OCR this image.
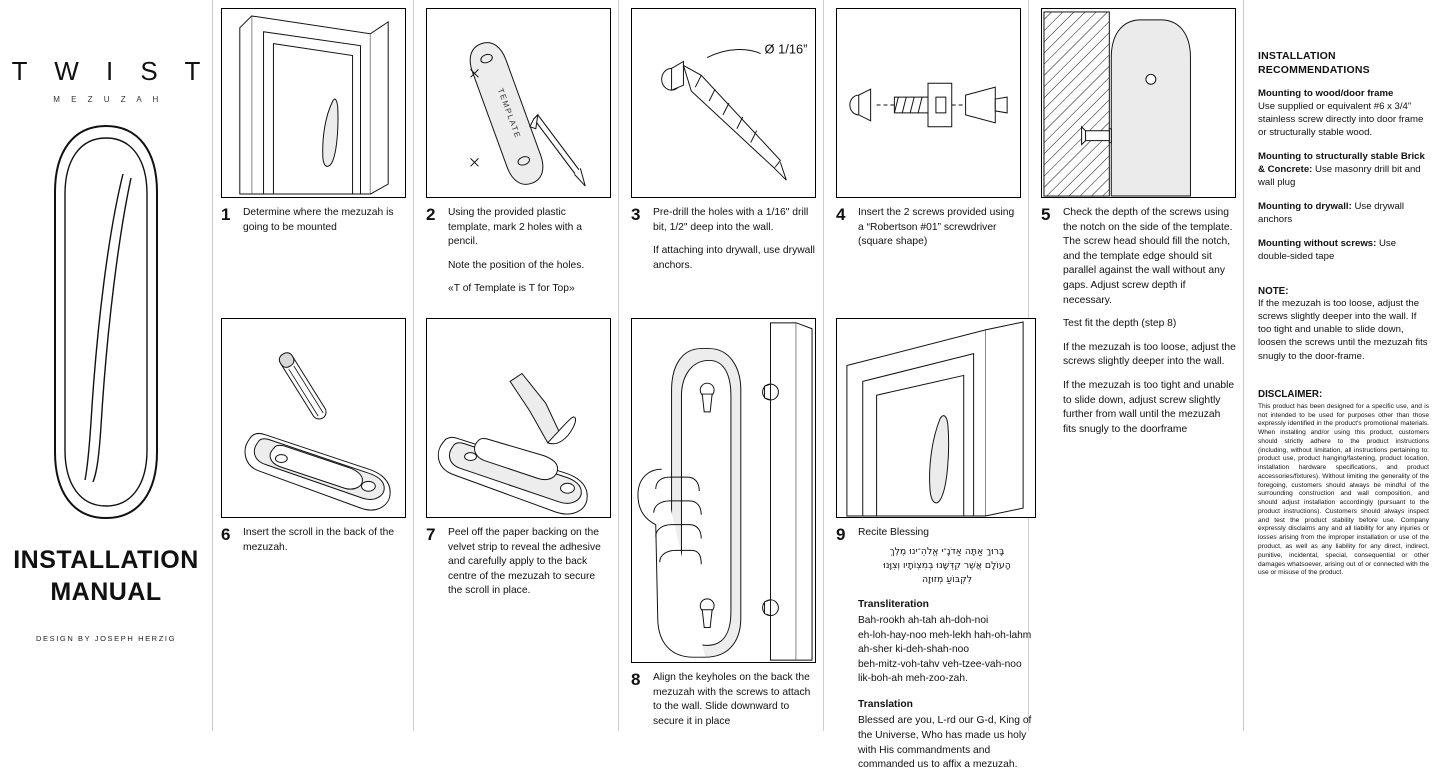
T W I S T
M E Z U Z A H
INSTALLATION
MANUAL
DESIGN BY JOSEPH HERZIG
1	Determine where the mezuzah is going to be mounted

TEMPLATE
2	Using the provided plastic template, mark 2 holes with a pencil.

Note the position of the holes.

«T of Template is T for Top»

Ø 1/16”
3	Pre-drill the holes with a 1/16" drill bit, 1/2" deep into the wall.

If attaching into drywall, use drywall anchors.

4	Insert the 2 screws provided using a “Robertson #01” screwdriver (square shape)

5	Check the depth of the screws using the notch on the side of the template. The screw head should fill the notch, and the template edge should sit parallel against the wall without any gaps. Adjust screw depth if necessary.

Test fit the depth (step 8)

If the mezuzah is too loose, adjust the screws slightly deeper into the wall.

If the mezuzah is too tight and unable to slide down, adjust screw slightly further from wall until the mezuzah fits snugly to the doorframe

6	Insert the scroll in the back of the mezuzah.

7	Peel off the paper backing on the velvet strip to reveal the adhesive and carefully apply to the back centre of the mezuzah to secure the scroll in place.

8	Align the keyholes on the back the mezuzah with the screws to attach to the wall. Slide downward to secure it in place

9	Recite Blessing

בָּרוּךְ אַתָּה אַדֹנָ־י אֱלֹהֵ־ינוּ מֶלֶךְ
הָעוֹלָם אֲשֶׁר קִדְּשָׁנוּ בְּמִצְוֹתָיו וְצִוָּנוּ
לִקְבּוֹעַ מְזוּזָה
Transliteration
Bah-rookh ah-tah ah-doh-noi
eh-loh-hay-noo meh-lekh hah-oh-lahm
ah-sher ki-deh-shah-noo
beh-mitz-voh-tahv veh-tzee-vah-noo
lik-boh-ah meh-zoo-zah.
Translation

Blessed are you, L-rd our G-d, King of the Universe, Who has made us holy with His commandments and commanded us to affix a mezuzah.

INSTALLATION
RECOMMENDATIONS
Mounting to wood/door frame
Use supplied or equivalent #6 x 3/4" stainless screw directly into door frame or structurally stable wood.
Mounting to structurally stable Brick & Concrete: Use masonry drill bit and wall plug
Mounting to drywall: Use drywall anchors
Mounting without screws: Use double-sided tape
NOTE:
If the mezuzah is too loose, adjust the screws slightly deeper into the wall. If too tight and unable to slide down, loosen the screws until the mezuzah fits snugly to the door-frame.
DISCLAIMER:
This product has been designed for a specific use, and is not intended to be used for purposes other than those expressly identified in the product's promotional materials. When installing and/or using this product, customers should strictly adhere to the product instructions (including, without limitation, all instructions pertaining to: product use, product hanging/fastening, product location, installation hardware specifications, and product accessories/fixtures). Without limiting the generality of the foregoing, customers should always be mindful of the surrounding construction and wall composition, and should adjust installation accordingly (pursuant to the product instructions). Customers should always inspect and test the product stability before use. Company expressly disclaims any and all liability for any injuries or losses arising from the improper installation or use of the product, as well as any liability for any direct, indirect, punitive, incidental, special, consequential or other damages whatsoever, arising out of or connected with the use or misuse of the product.
